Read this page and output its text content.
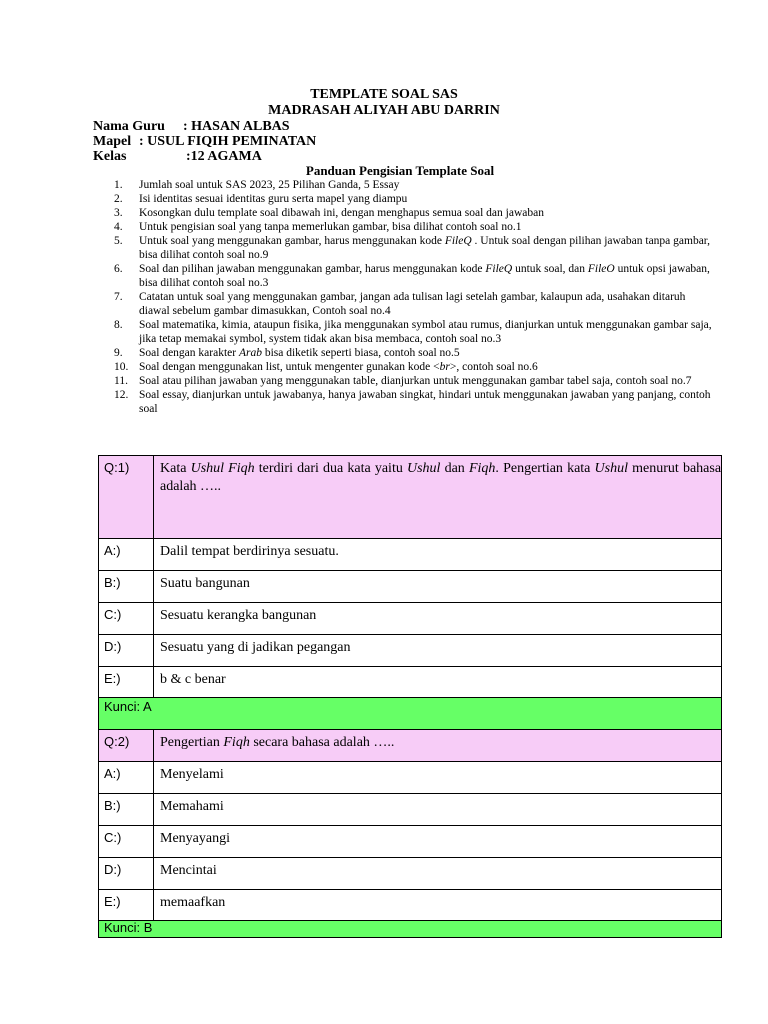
TEMPLATE SOAL SAS
MADRASAH ALIYAH ABU DARRIN
Nama Guru : HASAN ALBAS
Mapel : USUL FIQIH PEMINATAN
Kelas	:12 AGAMA
Panduan Pengisian Template Soal
1. Jumlah soal untuk SAS 2023, 25 Pilihan Ganda, 5 Essay
2. Isi identitas sesuai identitas guru serta mapel yang diampu
3. Kosongkan dulu template soal dibawah ini, dengan menghapus semua soal dan jawaban
4. Untuk pengisian soal yang tanpa memerlukan gambar, bisa dilihat contoh soal no.1
5. Untuk soal yang menggunakan gambar, harus menggunakan kode FileQ . Untuk soal dengan pilihan jawaban tanpa gambar, bisa dilihat contoh soal no.9
6. Soal dan pilihan jawaban menggunakan gambar, harus menggunakan kode FileQ untuk soal, dan FileO untuk opsi jawaban, bisa dilihat contoh soal no.3
7. Catatan untuk soal yang menggunakan gambar, jangan ada tulisan lagi setelah gambar, kalaupun ada, usahakan ditaruh diawal sebelum gambar dimasukkan, Contoh soal no.4
8. Soal matematika, kimia, ataupun fisika, jika menggunakan symbol atau rumus, dianjurkan untuk menggunakan gambar saja, jika tetap memakai symbol, system tidak akan bisa membaca, contoh soal no.3
9. Soal dengan karakter Arab bisa diketik seperti biasa, contoh soal no.5
10. Soal dengan menggunakan list, untuk mengenter gunakan kode <br>, contoh soal no.6
11. Soal atau pilihan jawaban yang menggunakan table, dianjurkan untuk menggunakan gambar tabel saja, contoh soal no.7
12. Soal essay, dianjurkan untuk jawabanya, hanya jawaban singkat, hindari untuk menggunakan jawaban yang panjang, contoh soal
Q:1)	Kata Ushul Fiqh terdiri dari dua kata yaitu Ushul dan Fiqh. Pengertian kata Ushul menurut bahasa adalah …..
A:)	Dalil tempat berdirinya sesuatu.
B:)	Suatu bangunan
C:)	Sesuatu kerangka bangunan
D:)	Sesuatu yang di jadikan pegangan
E:)	b & c benar
Kunci: A	
Q:2)	Pengertian Fiqh secara bahasa adalah …..
A:)	Menyelami
B:)	Memahami
C:)	Menyayangi
D:)	Mencintai
E:)	memaafkan
Kunci: B	
